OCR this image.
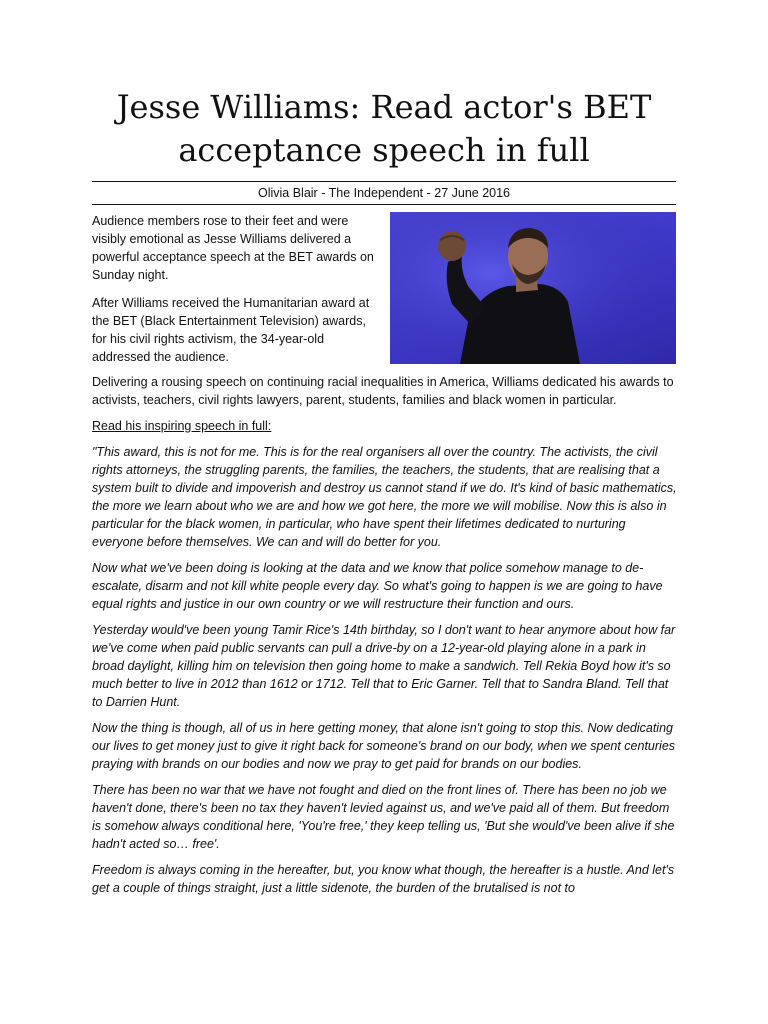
Jesse Williams: Read actor's BET acceptance speech in full
Olivia Blair - The Independent - 27 June 2016

Audience members rose to their feet and were visibly emotional as Jesse Williams delivered a powerful acceptance speech at the BET awards on Sunday night.

After Williams received the Humanitarian award at the BET (Black Entertainment Television) awards, for his civil rights activism, the 34-year-old addressed the audience.

Delivering a rousing speech on continuing racial inequalities in America, Williams dedicated his awards to activists, teachers, civil rights lawyers, parent, students, families and black women in particular.

Read his inspiring speech in full:

"This award, this is not for me. This is for the real organisers all over the country. The activists, the civil rights attorneys, the struggling parents, the families, the teachers, the students, that are realising that a system built to divide and impoverish and destroy us cannot stand if we do. It's kind of basic mathematics, the more we learn about who we are and how we got here, the more we will mobilise. Now this is also in particular for the black women, in particular, who have spent their lifetimes dedicated to nurturing everyone before themselves. We can and will do better for you.

Now what we've been doing is looking at the data and we know that police somehow manage to de-escalate, disarm and not kill white people every day. So what's going to happen is we are going to have equal rights and justice in our own country or we will restructure their function and ours.

Yesterday would've been young Tamir Rice's 14th birthday, so I don't want to hear anymore about how far we've come when paid public servants can pull a drive-by on a 12-year-old playing alone in a park in broad daylight, killing him on television then going home to make a sandwich. Tell Rekia Boyd how it's so much better to live in 2012 than 1612 or 1712. Tell that to Eric Garner. Tell that to Sandra Bland. Tell that to Darrien Hunt.

Now the thing is though, all of us in here getting money, that alone isn't going to stop this. Now dedicating our lives to get money just to give it right back for someone's brand on our body, when we spent centuries praying with brands on our bodies and now we pray to get paid for brands on our bodies.

There has been no war that we have not fought and died on the front lines of. There has been no job we haven't done, there's been no tax they haven't levied against us, and we've paid all of them. But freedom is somehow always conditional here, 'You're free,' they keep telling us, 'But she would've been alive if she hadn't acted so… free'.

Freedom is always coming in the hereafter, but, you know what though, the hereafter is a hustle. And let's get a couple of things straight, just a little sidenote, the burden of the brutalised is not to
